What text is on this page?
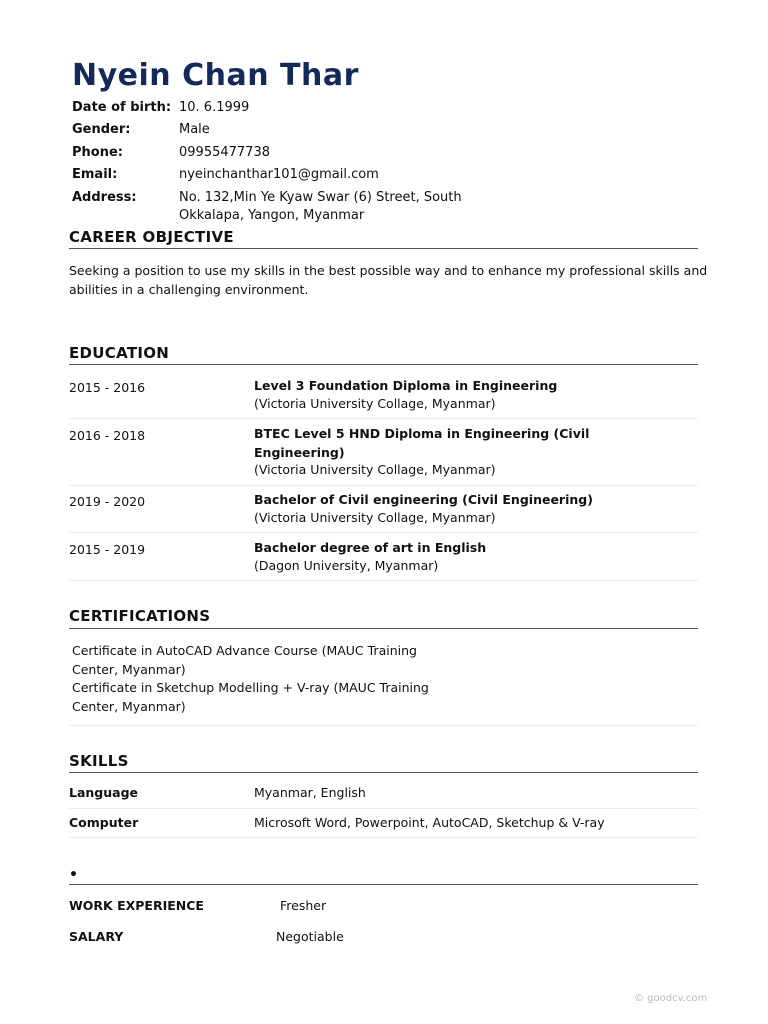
Nyein Chan Thar
Date of birth: 10. 6.1999
Gender:	Male
Phone:	09955477738
Email:	nyeinchanthar101@gmail.com
Address:	No. 132,Min Ye Kyaw Swar (6) Street, South
Okkalapa, Yangon, Myanmar
CAREER OBJECTIVE
Seeking a position to use my skills in the best possible way and to enhance my professional skills and abilities in a challenging environment.
EDUCATION
2015 - 2016	Level 3 Foundation Diploma in Engineering
(Victoria University Collage, Myanmar)
2016 - 2018	BTEC Level 5 HND Diploma in Engineering (Civil Engineering)
(Victoria University Collage, Myanmar)
2019 - 2020	Bachelor of Civil engineering (Civil Engineering)
(Victoria University Collage, Myanmar)
2015 - 2019	Bachelor degree of art in English
(Dagon University, Myanmar)
CERTIFICATIONS
Certificate in AutoCAD Advance Course (MAUC Training
Center, Myanmar)
Certificate in Sketchup Modelling + V-ray (MAUC Training
Center, Myanmar)
SKILLS
Language	Myanmar, English
Computer	Microsoft Word, Powerpoint, AutoCAD, Sketchup & V-ray
•
WORK EXPERIENCE	Fresher
SALARY	Negotiable
© goodcv.com
